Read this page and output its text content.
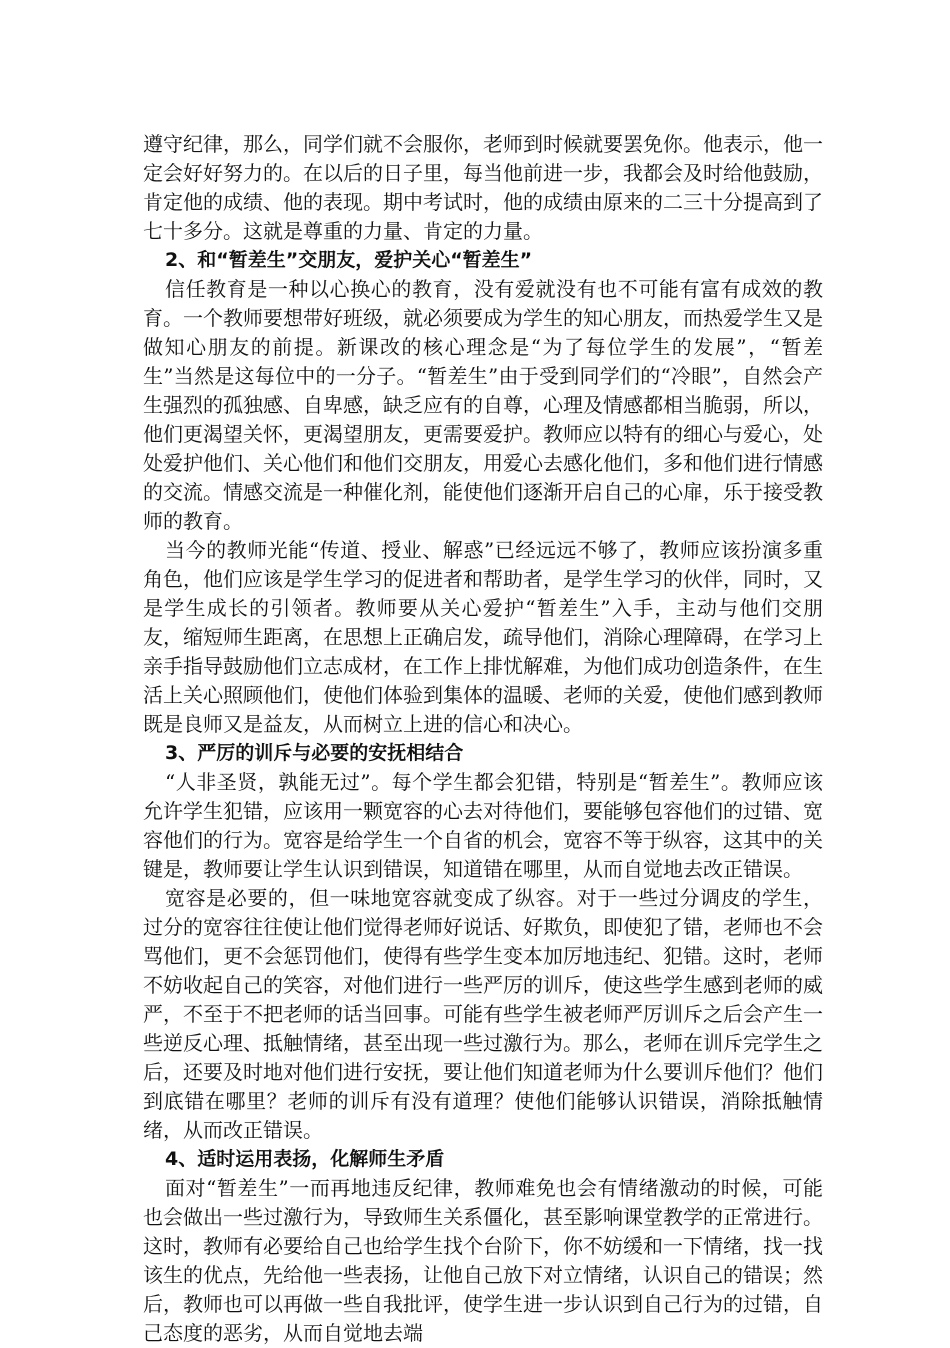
遵守纪律，那么，同学们就不会服你，老师到时候就要罢免你。他表示，他一定会好好努力的。在以后的日子里，每当他前进一步，我都会及时给他鼓励，肯定他的成绩、他的表现。期中考试时，他的成绩由原来的二三十分提高到了七十多分。这就是尊重的力量、肯定的力量。

2、和“暂差生”交朋友，爱护关心“暂差生”

信任教育是一种以心换心的教育，没有爱就没有也不可能有富有成效的教育。一个教师要想带好班级，就必须要成为学生的知心朋友，而热爱学生又是做知心朋友的前提。新课改的核心理念是“为了每位学生的发展”，“暂差生”当然是这每位中的一分子。“暂差生”由于受到同学们的“冷眼”，自然会产生强烈的孤独感、自卑感，缺乏应有的自尊，心理及情感都相当脆弱，所以，他们更渴望关怀，更渴望朋友，更需要爱护。教师应以特有的细心与爱心，处处爱护他们、关心他们和他们交朋友，用爱心去感化他们，多和他们进行情感的交流。情感交流是一种催化剂，能使他们逐渐开启自己的心扉，乐于接受教师的教育。

当今的教师光能“传道、授业、解惑”已经远远不够了，教师应该扮演多重角色，他们应该是学生学习的促进者和帮助者，是学生学习的伙伴，同时，又是学生成长的引领者。教师要从关心爱护“暂差生”入手，主动与他们交朋友，缩短师生距离，在思想上正确启发，疏导他们，消除心理障碍，在学习上亲手指导鼓励他们立志成材，在工作上排忧解难，为他们成功创造条件，在生活上关心照顾他们，使他们体验到集体的温暖、老师的关爱，使他们感到教师既是良师又是益友，从而树立上进的信心和决心。

3、严厉的训斥与必要的安抚相结合

“人非圣贤，孰能无过”。每个学生都会犯错，特别是“暂差生”。教师应该允许学生犯错，应该用一颗宽容的心去对待他们，要能够包容他们的过错、宽容他们的行为。宽容是给学生一个自省的机会，宽容不等于纵容，这其中的关键是，教师要让学生认识到错误，知道错在哪里，从而自觉地去改正错误。

宽容是必要的，但一味地宽容就变成了纵容。对于一些过分调皮的学生，过分的宽容往往使让他们觉得老师好说话、好欺负，即使犯了错，老师也不会骂他们，更不会惩罚他们，使得有些学生变本加厉地违纪、犯错。这时，老师不妨收起自己的笑容，对他们进行一些严厉的训斥，使这些学生感到老师的威严，不至于不把老师的话当回事。可能有些学生被老师严厉训斥之后会产生一些逆反心理、抵触情绪，甚至出现一些过激行为。那么，老师在训斥完学生之后，还要及时地对他们进行安抚，要让他们知道老师为什么要训斥他们？他们到底错在哪里？老师的训斥有没有道理？使他们能够认识错误，消除抵触情绪，从而改正错误。

4、适时运用表扬，化解师生矛盾

面对“暂差生”一而再地违反纪律，教师难免也会有情绪激动的时候，可能也会做出一些过激行为，导致师生关系僵化，甚至影响课堂教学的正常进行。这时，教师有必要给自己也给学生找个台阶下，你不妨缓和一下情绪，找一找该生的优点，先给他一些表扬，让他自己放下对立情绪，认识自己的错误；然后，教师也可以再做一些自我批评，使学生进一步认识到自己行为的过错，自己态度的恶劣，从而自觉地去端
